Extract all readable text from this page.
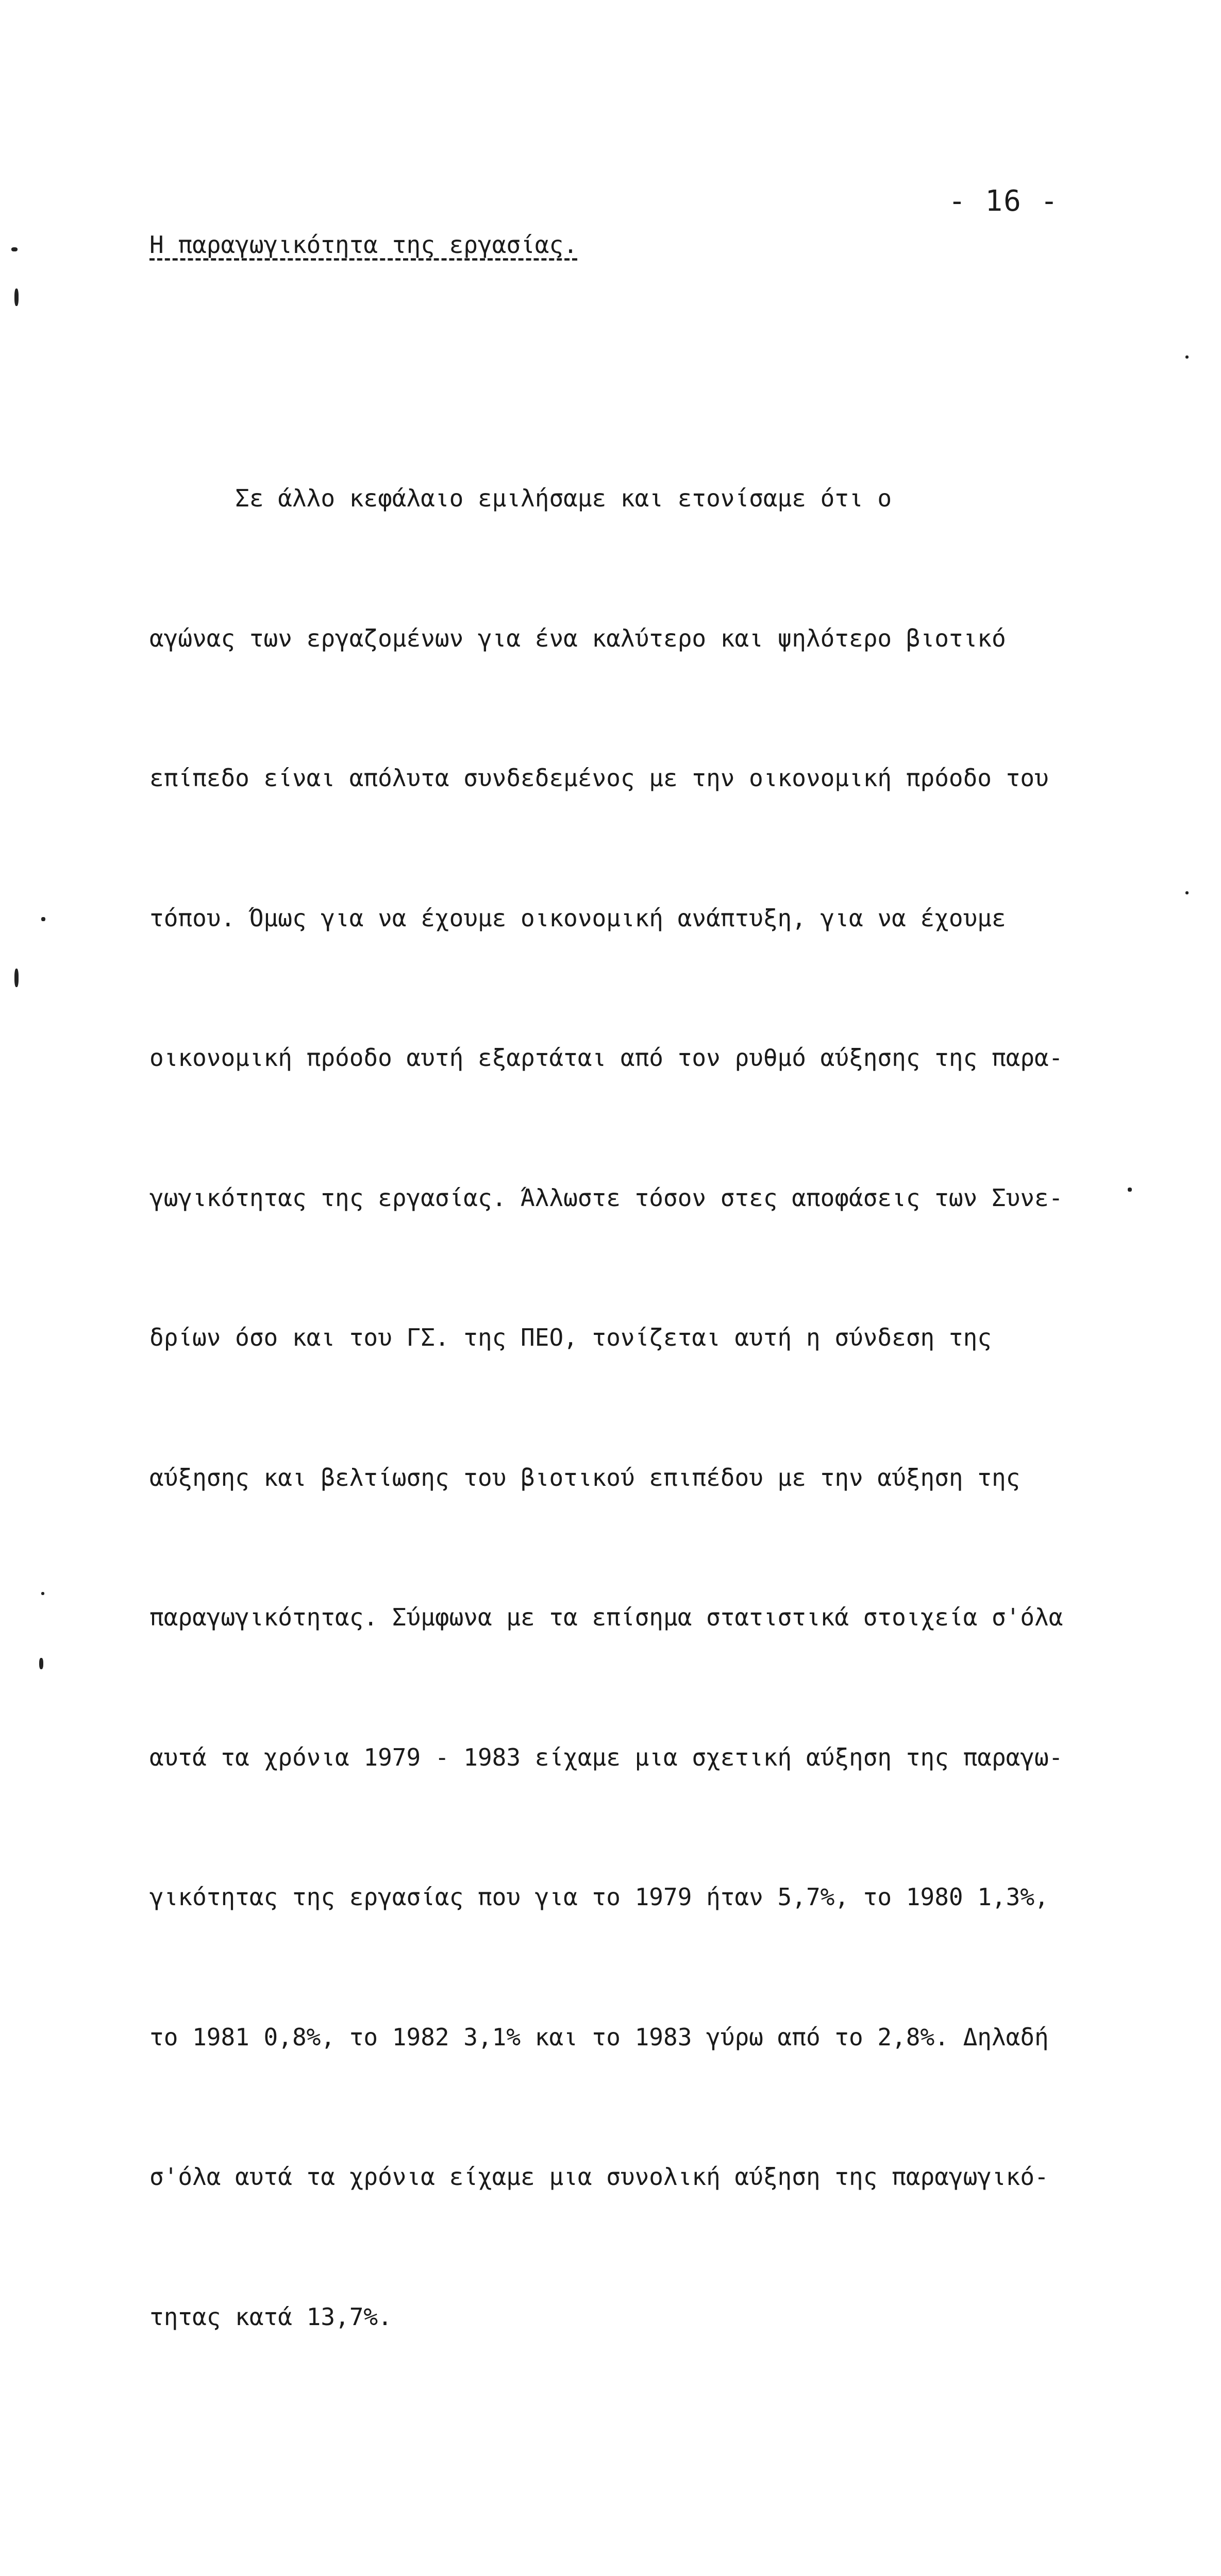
- 16 -
Η παραγωγικότητα της εργασίας.

Σε άλλο κεφάλαιο εμιλήσαμε και ετονίσαμε ότι ο

αγώνας των εργαζομένων για ένα καλύτερο και ψηλότερο βιοτικό

επίπεδο είναι απόλυτα συνδεδεμένος με την οικονομική πρόοδο του

τόπου. Όμως για να έχουμε οικονομική ανάπτυξη, για να έχουμε

οικονομική πρόοδο αυτή εξαρτάται από τον ρυθμό αύξησης της παρα-

γωγικότητας της εργασίας. Άλλωστε τόσον στες αποφάσεις των Συνε-

δρίων όσο και του ΓΣ. της ΠΕΟ, τονίζεται αυτή η σύνδεση της

αύξησης και βελτίωσης του βιοτικού επιπέδου με την αύξηση της

παραγωγικότητας. Σύμφωνα με τα επίσημα στατιστικά στοιχεία σ'όλα

αυτά τα χρόνια 1979 - 1983 είχαμε μια σχετική αύξηση της παραγω-

γικότητας της εργασίας που για το 1979 ήταν 5,7%, το 1980 1,3%,

το 1981 0,8%, το 1982 3,1% και το 1983 γύρω από το 2,8%. Δηλαδή

σ'όλα αυτά τα χρόνια είχαμε μια συνολική αύξηση της παραγωγικό-

τητας κατά 13,7%.
